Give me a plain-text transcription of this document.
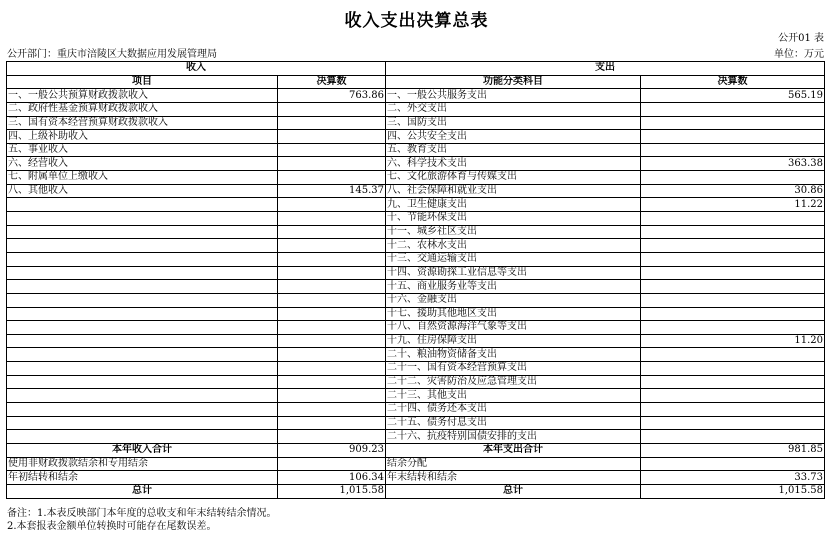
收入支出决算总表
公开01 表
公开部门：重庆市涪陵区大数据应用发展管理局	单位：万元
收入		支出	
项目	决算数	功能分类科目	决算数
一、一般公共预算财政拨款收入	763.86	一、一般公共服务支出	565.19
二、政府性基金预算财政拨款收入		二、外交支出	
三、国有资本经营预算财政拨款收入		三、国防支出	
四、上级补助收入		四、公共安全支出	
五、事业收入		五、教育支出	
六、经营收入		六、科学技术支出	363.38
七、附属单位上缴收入		七、文化旅游体育与传媒支出	
八、其他收入	145.37	八、社会保障和就业支出	30.86
		九、卫生健康支出	11.22
		十、节能环保支出	
		十一、城乡社区支出	
		十二、农林水支出	
		十三、交通运输支出	
		十四、资源勘探工业信息等支出	
		十五、商业服务业等支出	
		十六、金融支出	
		十七、援助其他地区支出	
		十八、自然资源海洋气象等支出	
		十九、住房保障支出	11.20
		二十、粮油物资储备支出	
		二十一、国有资本经营预算支出	
		二十二、灾害防治及应急管理支出	
		二十三、其他支出	
		二十四、债务还本支出	
		二十五、债务付息支出	
		二十六、抗疫特别国债安排的支出	
本年收入合计	909.23	本年支出合计	981.85
使用非财政拨款结余和专用结余		结余分配	
年初结转和结余	106.34	年末结转和结余	33.73
总计	1,015.58	总计	1,015.58
备注：1.本表反映部门本年度的总收支和年末结转结余情况。
2.本套报表金额单位转换时可能存在尾数误差。
